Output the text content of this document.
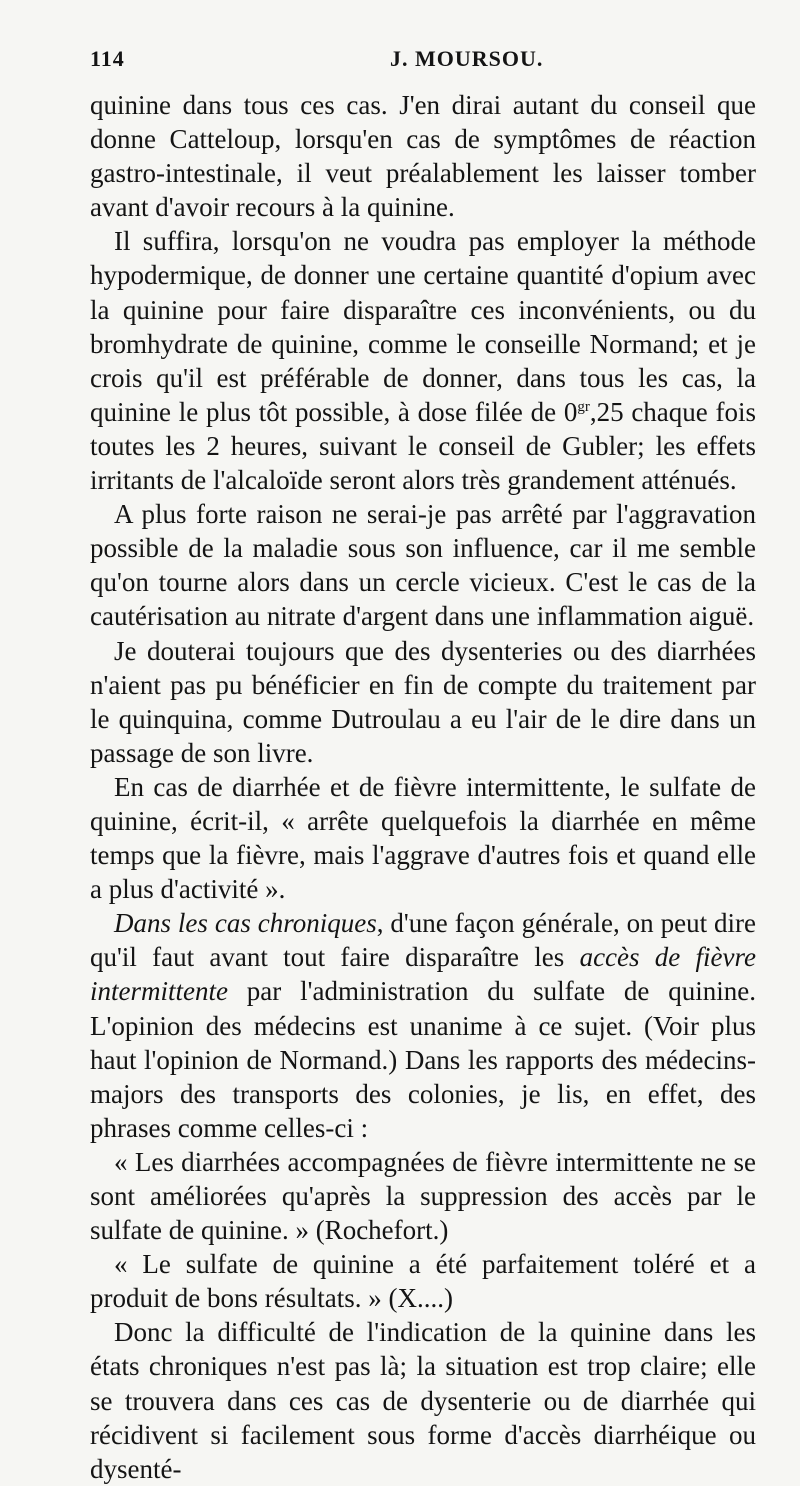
114	J. MOURSOU.

quinine dans tous ces cas. J'en dirai autant du conseil que donne Catteloup, lorsqu'en cas de symptômes de réaction gastro-intestinale, il veut préalablement les laisser tomber avant d'avoir recours à la quinine.

Il suffira, lorsqu'on ne voudra pas employer la méthode hypodermique, de donner une certaine quantité d'opium avec la quinine pour faire disparaître ces inconvénients, ou du bromhydrate de quinine, comme le conseille Normand; et je crois qu'il est préférable de donner, dans tous les cas, la quinine le plus tôt possible, à dose filée de $0^{gr},25$ chaque fois toutes les 2 heures, suivant le conseil de Gubler; les effets irritants de l'alcaloïde seront alors très grandement atténués.

A plus forte raison ne serai-je pas arrêté par l'aggravation possible de la maladie sous son influence, car il me semble qu'on tourne alors dans un cercle vicieux. C'est le cas de la cautérisation au nitrate d'argent dans une inflammation aiguë.

Je douterai toujours que des dysenteries ou des diarrhées n'aient pas pu bénéficier en fin de compte du traitement par le quinquina, comme Dutroulau a eu l'air de le dire dans un passage de son livre.

En cas de diarrhée et de fièvre intermittente, le sulfate de quinine, écrit-il, « arrête quelquefois la diarrhée en même temps que la fièvre, mais l'aggrave d'autres fois et quand elle a plus d'activité ».

Dans les cas chroniques, d'une façon générale, on peut dire qu'il faut avant tout faire disparaître les accès de fièvre intermittente par l'administration du sulfate de quinine. L'opinion des médecins est unanime à ce sujet. (Voir plus haut l'opinion de Normand.) Dans les rapports des médecins-majors des transports des colonies, je lis, en effet, des phrases comme celles-ci :

« Les diarrhées accompagnées de fièvre intermittente ne se sont améliorées qu'après la suppression des accès par le sulfate de quinine. » (Rochefort.)

« Le sulfate de quinine a été parfaitement toléré et a produit de bons résultats. » (X....)

Donc la difficulté de l'indication de la quinine dans les états chroniques n'est pas là; la situation est trop claire; elle se trouvera dans ces cas de dysenterie ou de diarrhée qui récidivent si facilement sous forme d'accès diarrhéique ou dysenté-
